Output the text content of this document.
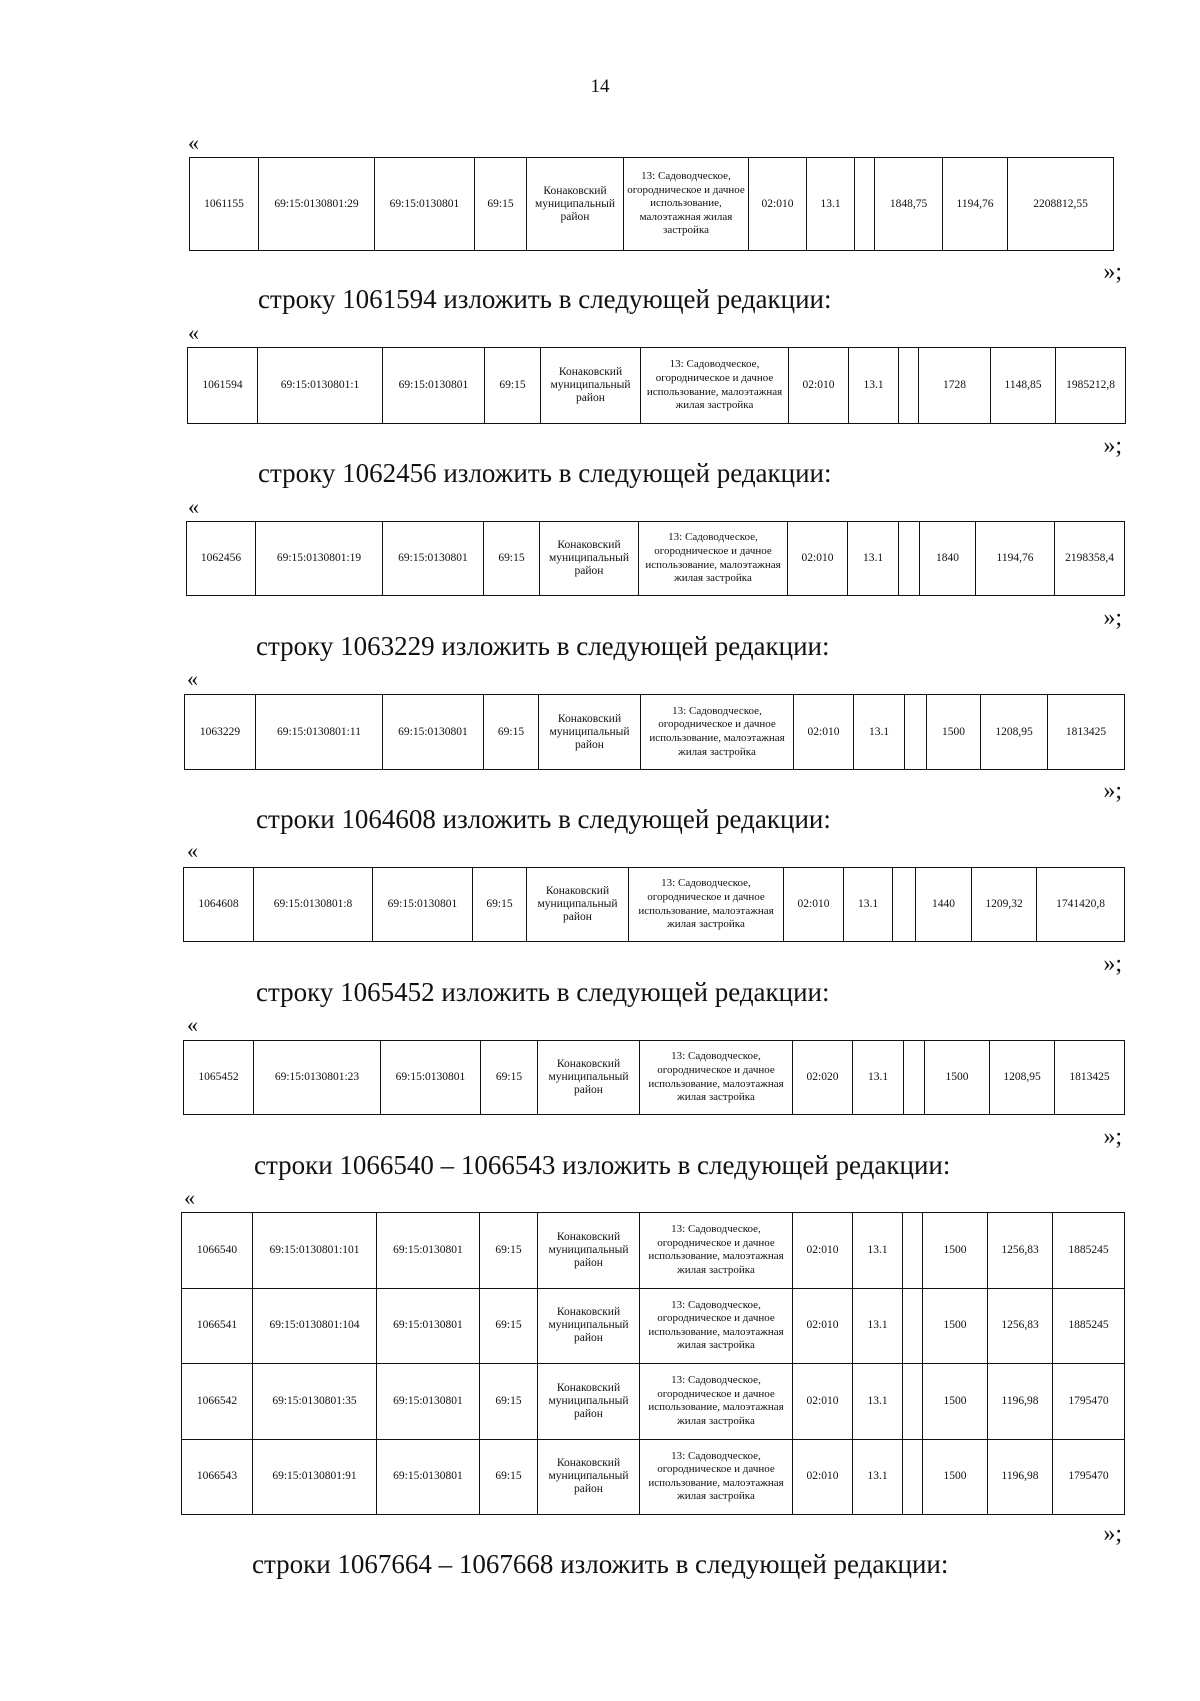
14
«
1061155	69:15:0130801:29	69:15:0130801	69:15	Конаковский муниципальный район	13: Садоводческое, огородническое и дачное использование, малоэтажная жилая застройка	02:010	13.1		1848,75	1194,76	2208812,55
»;
строку 1061594 изложить в следующей редакции:
«
1061594	69:15:0130801:1	69:15:0130801	69:15	Конаковский муниципальный район	13: Садоводческое, огородническое и дачное использование, малоэтажная жилая застройка	02:010	13.1		1728	1148,85	1985212,8
»;
строку 1062456 изложить в следующей редакции:
«
1062456	69:15:0130801:19	69:15:0130801	69:15	Конаковский муниципальный район	13: Садоводческое, огородническое и дачное использование, малоэтажная жилая застройка	02:010	13.1		1840	1194,76	2198358,4
»;
строку 1063229 изложить в следующей редакции:
«
1063229	69:15:0130801:11	69:15:0130801	69:15	Конаковский муниципальный район	13: Садоводческое, огородническое и дачное использование, малоэтажная жилая застройка	02:010	13.1		1500	1208,95	1813425
»;
строки 1064608 изложить в следующей редакции:
«
1064608	69:15:0130801:8	69:15:0130801	69:15	Конаковский муниципальный район	13: Садоводческое, огородническое и дачное использование, малоэтажная жилая застройка	02:010	13.1		1440	1209,32	1741420,8
»;
строку 1065452 изложить в следующей редакции:
«
1065452	69:15:0130801:23	69:15:0130801	69:15	Конаковский муниципальный район	13: Садоводческое, огородническое и дачное использование, малоэтажная жилая застройка	02:020	13.1		1500	1208,95	1813425
»;
строки 1066540 – 1066543 изложить в следующей редакции:
«
1066540	69:15:0130801:101	69:15:0130801	69:15	Конаковский муниципальный район	13: Садоводческое, огородническое и дачное использование, малоэтажная жилая застройка	02:010	13.1		1500	1256,83	1885245
1066541	69:15:0130801:104	69:15:0130801	69:15	Конаковский муниципальный район	13: Садоводческое, огородническое и дачное использование, малоэтажная жилая застройка	02:010	13.1		1500	1256,83	1885245
1066542	69:15:0130801:35	69:15:0130801	69:15	Конаковский муниципальный район	13: Садоводческое, огородническое и дачное использование, малоэтажная жилая застройка	02:010	13.1		1500	1196,98	1795470
1066543	69:15:0130801:91	69:15:0130801	69:15	Конаковский муниципальный район	13: Садоводческое, огородническое и дачное использование, малоэтажная жилая застройка	02:010	13.1		1500	1196,98	1795470
»;
строки 1067664 – 1067668 изложить в следующей редакции:
